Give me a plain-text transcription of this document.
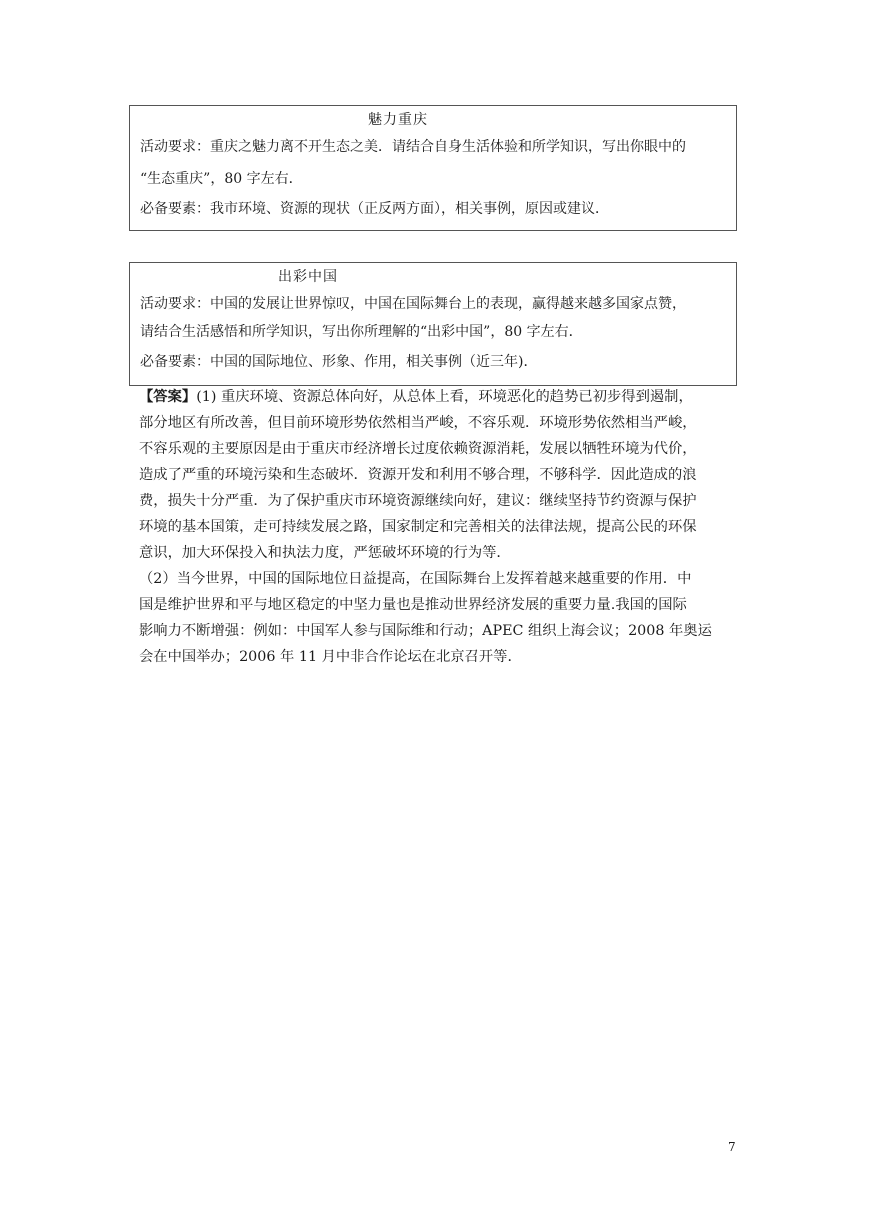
魅力重庆
活动要求：重庆之魅力离不开生态之美．请结合自身生活体验和所学知识，写出你眼中的
“生态重庆”，80 字左右．
必备要素：我市环境、资源的现状（正反两方面），相关事例，原因或建议．
出彩中国
活动要求：中国的发展让世界惊叹，中国在国际舞台上的表现，赢得越来越多国家点赞，
请结合生活感悟和所学知识，写出你所理解的“出彩中国”，80 字左右．
必备要素：中国的国际地位、形象、作用，相关事例（近三年)．
【答案】(1) 重庆环境、资源总体向好，从总体上看，环境恶化的趋势已初步得到遏制，
部分地区有所改善，但目前环境形势依然相当严峻，不容乐观．环境形势依然相当严峻，
不容乐观的主要原因是由于重庆市经济增长过度依赖资源消耗，发展以牺牲环境为代价，
造成了严重的环境污染和生态破坏．资源开发和利用不够合理，不够科学．因此造成的浪
费，损失十分严重．为了保护重庆市环境资源继续向好，建议：继续坚持节约资源与保护
环境的基本国策，走可持续发展之路，国家制定和完善相关的法律法规，提高公民的环保
意识，加大环保投入和执法力度，严惩破坏环境的行为等．
（2）当今世界，中国的国际地位日益提高，在国际舞台上发挥着越来越重要的作用．中
国是维护世界和平与地区稳定的中坚力量也是推动世界经济发展的重要力量.我国的国际
影响力不断增强：例如：中国军人参与国际维和行动；APEC 组织上海会议；2008 年奥运
会在中国举办；2006 年 11 月中非合作论坛在北京召开等．
7
